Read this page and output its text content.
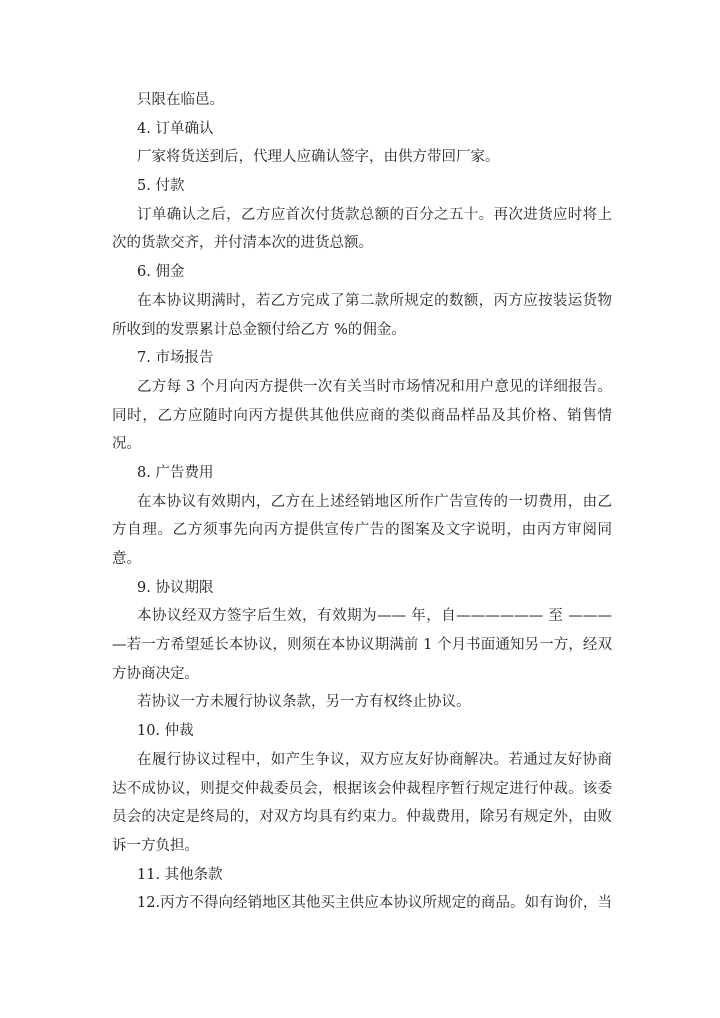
只限在临邑。
4. 订单确认
厂家将货送到后，代理人应确认签字，由供方带回厂家。
5. 付款
订单确认之后，乙方应首次付货款总额的百分之五十。再次进货应时将上
次的货款交齐，并付清本次的进货总额。
6. 佣金
在本协议期满时，若乙方完成了第二款所规定的数额，丙方应按装运货物
所收到的发票累计总金额付给乙方 %的佣金。
7. 市场报告
乙方每 3 个月向丙方提供一次有关当时市场情况和用户意见的详细报告。
同时，乙方应随时向丙方提供其他供应商的类似商品样品及其价格、销售情
况。
8. 广告费用
在本协议有效期内，乙方在上述经销地区所作广告宣传的一切费用，由乙
方自理。乙方须事先向丙方提供宣传广告的图案及文字说明，由丙方审阅同
意。
9. 协议期限
本协议经双方签字后生效，有效期为—— 年，自—————— 至 ———
—若一方希望延长本协议，则须在本协议期满前 1 个月书面通知另一方，经双
方协商决定。
若协议一方未履行协议条款，另一方有权终止协议。
10. 仲裁
在履行协议过程中，如产生争议，双方应友好协商解决。若通过友好协商
达不成协议，则提交仲裁委员会，根据该会仲裁程序暂行规定进行仲裁。该委
员会的决定是终局的，对双方均具有约束力。仲裁费用，除另有规定外，由败
诉一方负担。
11. 其他条款
12.丙方不得向经销地区其他买主供应本协议所规定的商品。如有询价，当
